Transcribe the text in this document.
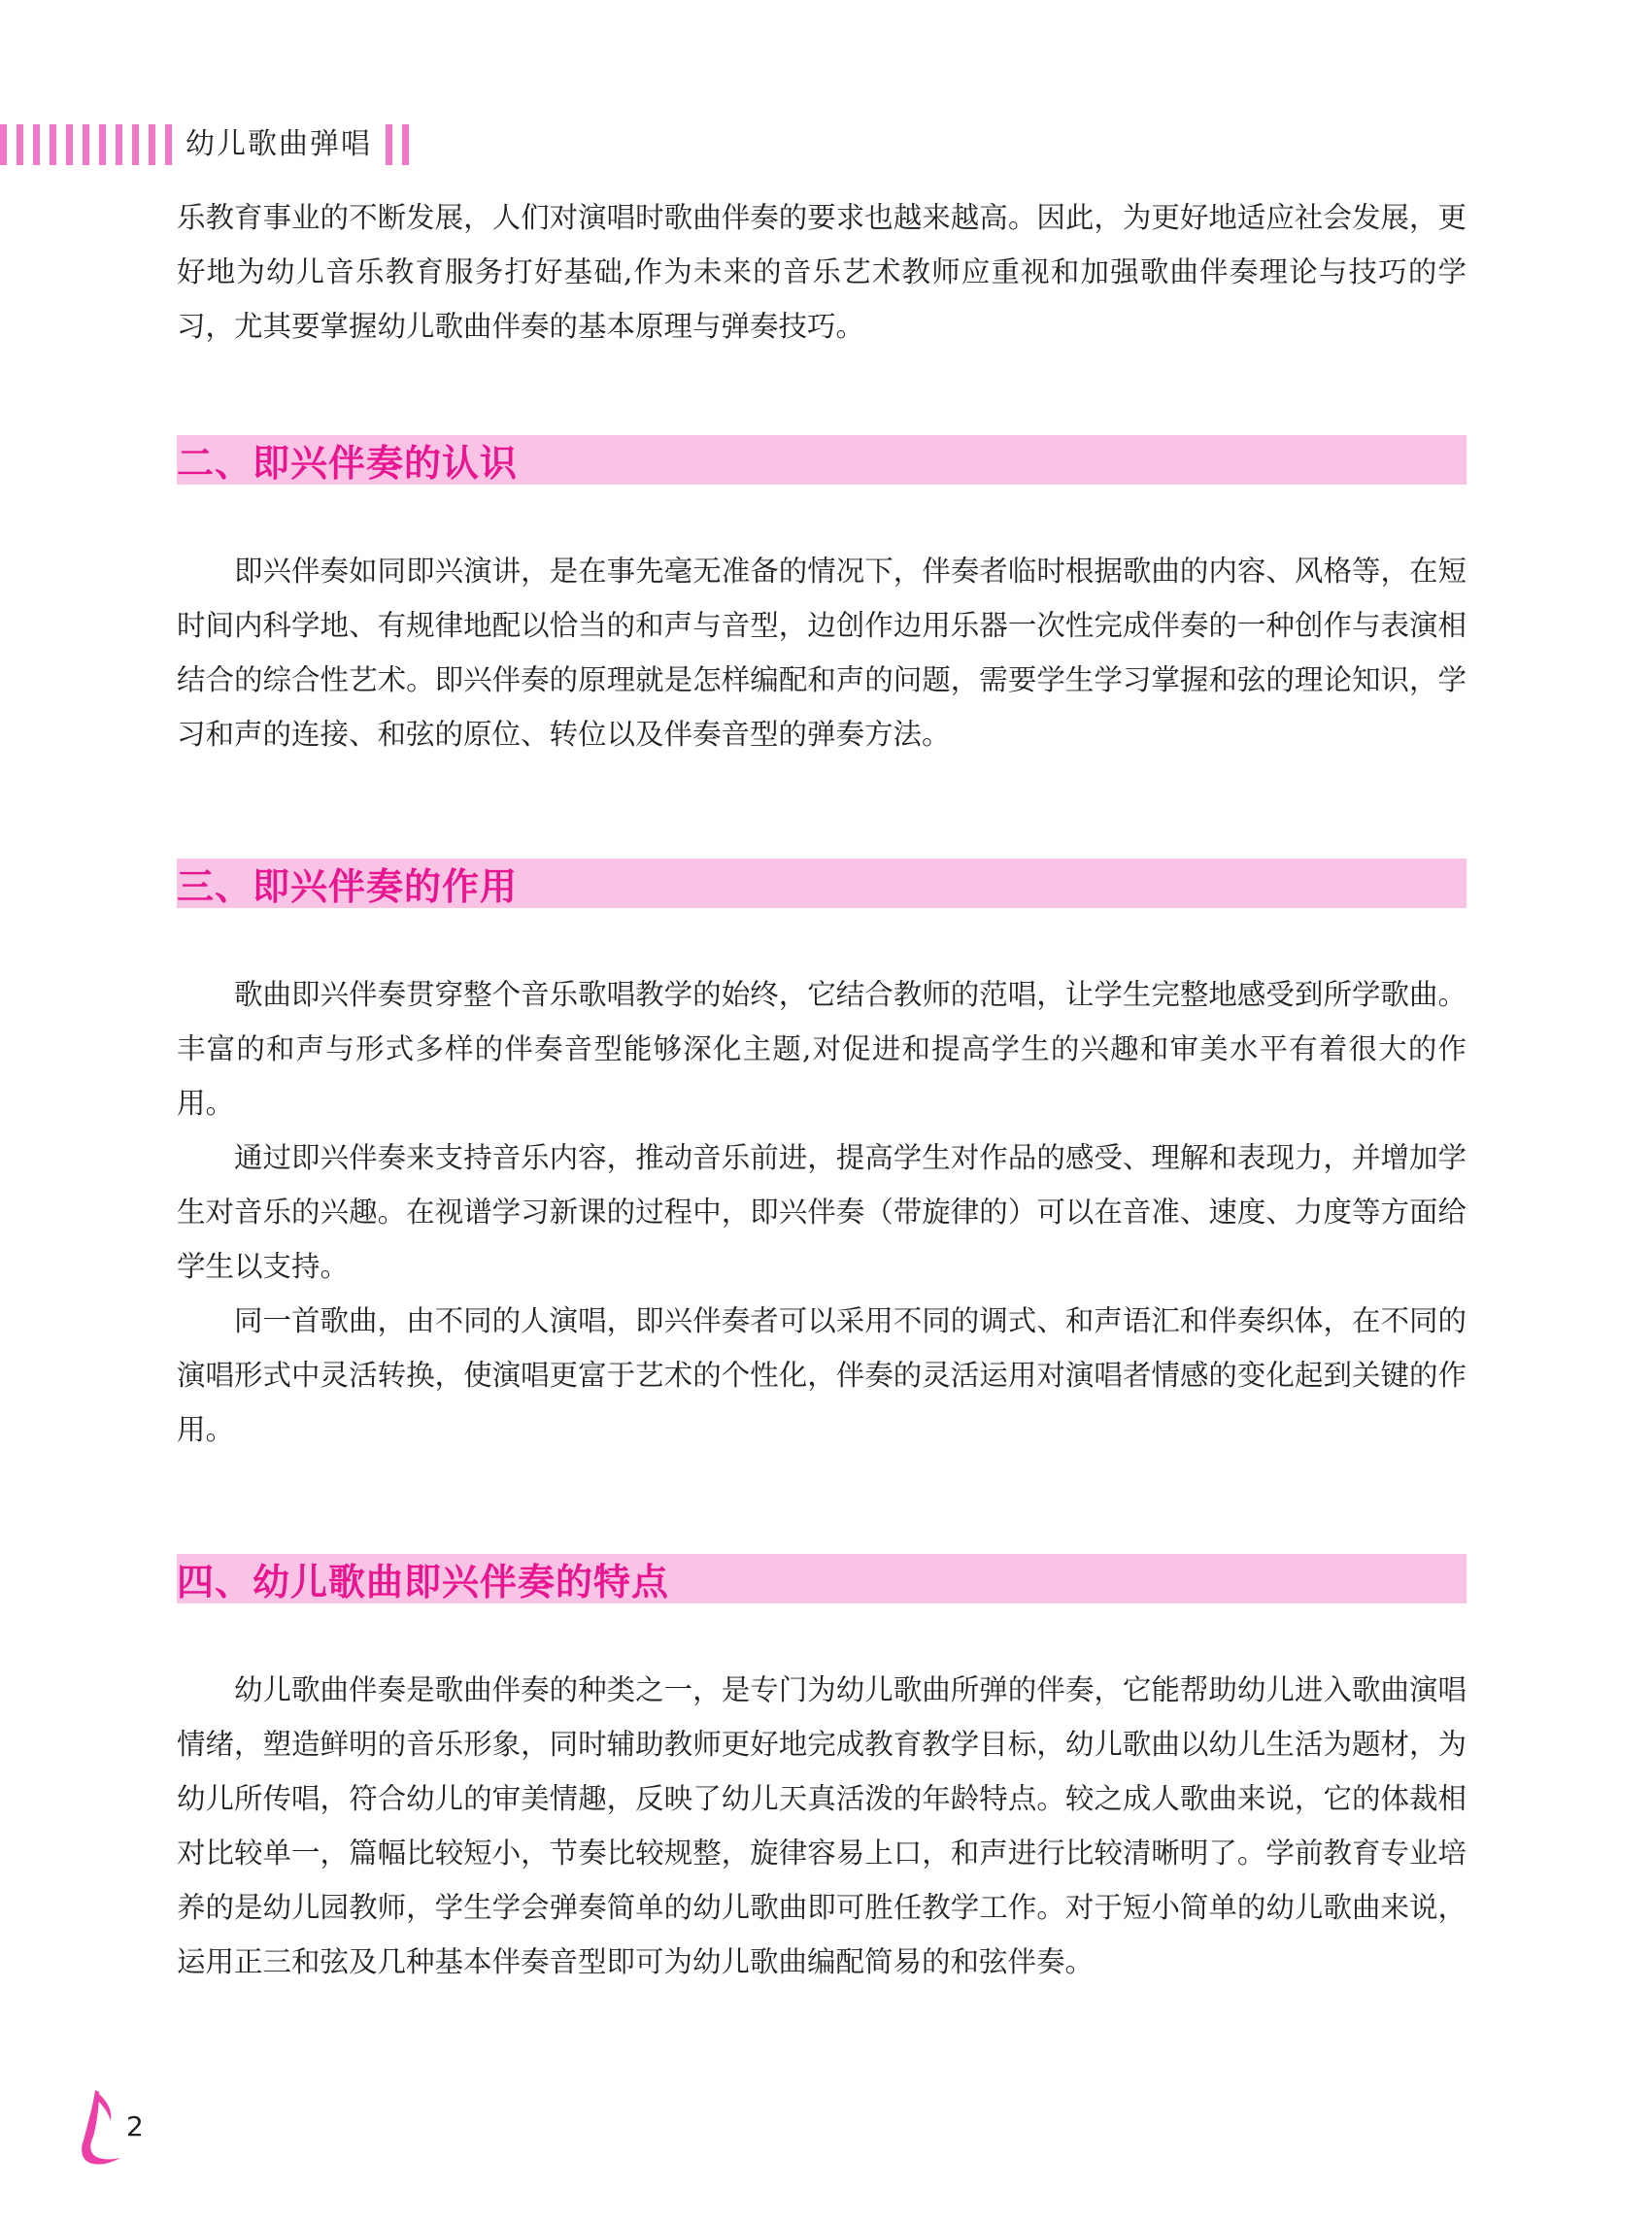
幼儿歌曲弹唱

乐教育事业的不断发展，人们对演唱时歌曲伴奏的要求也越来越高。因此，为更好地适应社会发展，更好地为幼儿音乐教育服务打好基础,作为未来的音乐艺术教师应重视和加强歌曲伴奏理论与技巧的学习，尤其要掌握幼儿歌曲伴奏的基本原理与弹奏技巧。

二、即兴伴奏的认识

即兴伴奏如同即兴演讲，是在事先毫无准备的情况下，伴奏者临时根据歌曲的内容、风格等，在短时间内科学地、有规律地配以恰当的和声与音型，边创作边用乐器一次性完成伴奏的一种创作与表演相结合的综合性艺术。即兴伴奏的原理就是怎样编配和声的问题，需要学生学习掌握和弦的理论知识，学习和声的连接、和弦的原位、转位以及伴奏音型的弹奏方法。

三、即兴伴奏的作用

歌曲即兴伴奏贯穿整个音乐歌唱教学的始终，它结合教师的范唱，让学生完整地感受到所学歌曲。丰富的和声与形式多样的伴奏音型能够深化主题,对促进和提高学生的兴趣和审美水平有着很大的作用。

通过即兴伴奏来支持音乐内容，推动音乐前进，提高学生对作品的感受、理解和表现力，并增加学生对音乐的兴趣。在视谱学习新课的过程中，即兴伴奏（带旋律的）可以在音准、速度、力度等方面给学生以支持。

同一首歌曲，由不同的人演唱，即兴伴奏者可以采用不同的调式、和声语汇和伴奏织体，在不同的演唱形式中灵活转换，使演唱更富于艺术的个性化，伴奏的灵活运用对演唱者情感的变化起到关键的作用。

四、幼儿歌曲即兴伴奏的特点

幼儿歌曲伴奏是歌曲伴奏的种类之一，是专门为幼儿歌曲所弹的伴奏，它能帮助幼儿进入歌曲演唱情绪，塑造鲜明的音乐形象，同时辅助教师更好地完成教育教学目标，幼儿歌曲以幼儿生活为题材，为幼儿所传唱，符合幼儿的审美情趣，反映了幼儿天真活泼的年龄特点。较之成人歌曲来说，它的体裁相对比较单一，篇幅比较短小，节奏比较规整，旋律容易上口，和声进行比较清晰明了。学前教育专业培养的是幼儿园教师，学生学会弹奏简单的幼儿歌曲即可胜任教学工作。对于短小简单的幼儿歌曲来说，运用正三和弦及几种基本伴奏音型即可为幼儿歌曲编配简易的和弦伴奏。

2
